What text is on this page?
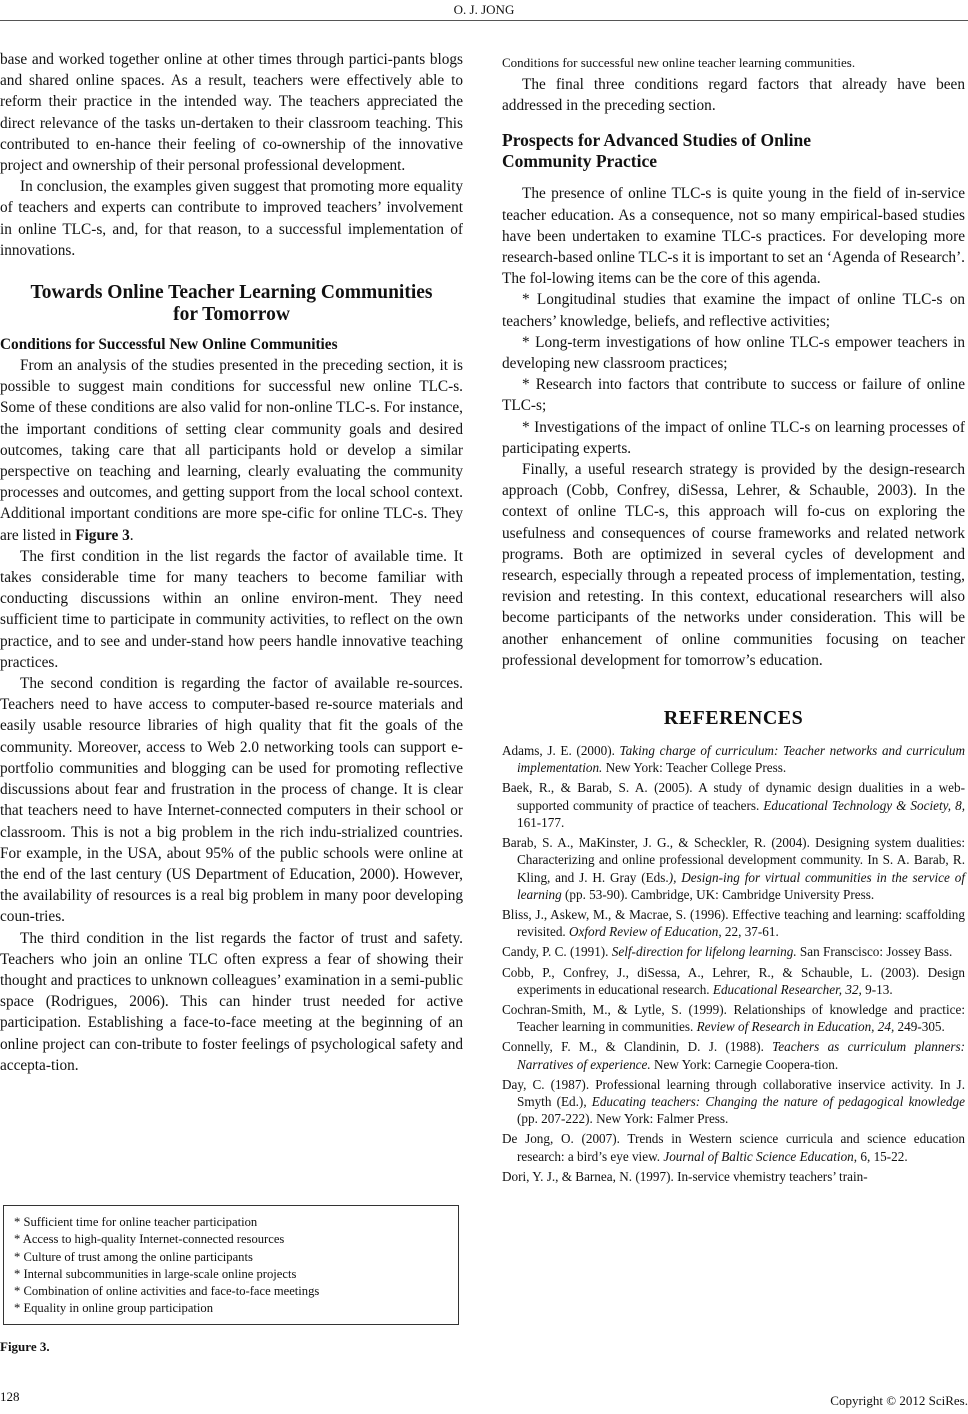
O. J. JONG

base and worked together online at other times through partici-pants blogs and shared online spaces. As a result, teachers were effectively able to reform their practice in the intended way. The teachers appreciated the direct relevance of the tasks un-dertaken to their classroom teaching. This contributed to en-hance their feeling of co-ownership of the innovative project and ownership of their personal professional development.

In conclusion, the examples given suggest that promoting more equality of teachers and experts can contribute to improved teachers’ involvement in online TLC-s, and, for that reason, to a successful implementation of innovations.

Towards Online Teacher Learning Communities
for Tomorrow
Conditions for Successful New Online Communities

From an analysis of the studies presented in the preceding section, it is possible to suggest main conditions for successful new online TLC-s. Some of these conditions are also valid for non-online TLC-s. For instance, the important conditions of setting clear community goals and desired outcomes, taking care that all participants hold or develop a similar perspective on teaching and learning, clearly evaluating the community processes and outcomes, and getting support from the local school context. Additional important conditions are more spe-cific for online TLC-s. They are listed in Figure 3.

The first condition in the list regards the factor of available time. It takes considerable time for many teachers to become familiar with conducting discussions within an online environ-ment. They need sufficient time to participate in community activities, to reflect on the own practice, and to see and under-stand how peers handle innovative teaching practices.

The second condition is regarding the factor of available re-sources. Teachers need to have access to computer-based re-source materials and easily usable resource libraries of high quality that fit the goals of the community. Moreover, access to Web 2.0 networking tools can support e-portfolio communities and blogging can be used for promoting reflective discussions about fear and frustration in the process of change. It is clear that teachers need to have Internet-connected computers in their school or classroom. This is not a big problem in the rich indu-strialized countries. For example, in the USA, about 95% of the public schools were online at the end of the last century (US Department of Education, 2000). However, the availability of resources is a real big problem in many poor developing coun-tries.

The third condition in the list regards the factor of trust and safety. Teachers who join an online TLC often express a fear of showing their thought and practices to unknown colleagues’ examination in a semi-public space (Rodrigues, 2006). This can hinder trust needed for active participation. Establishing a face-to-face meeting at the beginning of an online project can con-tribute to foster feelings of psychological safety and accepta-tion.

* Sufficient time for online teacher participation
* Access to high-quality Internet-connected resources
* Culture of trust among the online participants
* Internal subcommunities in large-scale online projects
* Combination of online activities and face-to-face meetings
* Equality in online group participation
Figure 3.

Conditions for successful new online teacher learning communities.

The final three conditions regard factors that already have been addressed in the preceding section.

Prospects for Advanced Studies of Online
Community Practice

The presence of online TLC-s is quite young in the field of in-service teacher education. As a consequence, not so many empirical-based studies have been undertaken to examine TLC-s practices. For developing more research-based online TLC-s it is important to set an ‘Agenda of Research’. The fol-lowing items can be the core of this agenda.

* Longitudinal studies that examine the impact of online TLC-s on teachers’ knowledge, beliefs, and reflective activities;

* Long-term investigations of how online TLC-s empower teachers in developing new classroom practices;

* Research into factors that contribute to success or failure of online TLC-s;

* Investigations of the impact of online TLC-s on learning processes of participating experts.

Finally, a useful research strategy is provided by the design-research approach (Cobb, Confrey, diSessa, Lehrer, & Schauble, 2003). In the context of online TLC-s, this approach will fo-cus on exploring the usefulness and consequences of course frameworks and related network programs. Both are optimized in several cycles of development and research, especially through a repeated process of implementation, testing, revision and retesting. In this context, educational researchers will also become participants of the networks under consideration. This will be another enhancement of online communities focusing on teacher professional development for tomorrow’s education.

REFERENCES

Adams, J. E. (2000). Taking charge of curriculum: Teacher networks and curriculum implementation. New York: Teacher College Press.

Baek, R., & Barab, S. A. (2005). A study of dynamic design dualities in a web-supported community of practice of teachers. Educational Technology & Society, 8, 161-177.

Barab, S. A., MaKinster, J. G., & Scheckler, R. (2004). Designing system dualities: Characterizing and online professional development community. In S. A. Barab, R. Kling, and J. H. Gray (Eds.), Design-ing for virtual communities in the service of learning (pp. 53-90). Cambridge, UK: Cambridge University Press.

Bliss, J., Askew, M., & Macrae, S. (1996). Effective teaching and learning: scaffolding revisited. Oxford Review of Education, 22, 37-61.

Candy, P. C. (1991). Self-direction for lifelong learning. San Franscisco: Jossey Bass.

Cobb, P., Confrey, J., diSessa, A., Lehrer, R., & Schauble, L. (2003). Design experiments in educational research. Educational Researcher, 32, 9-13.

Cochran-Smith, M., & Lytle, S. (1999). Relationships of knowledge and practice: Teacher learning in communities. Review of Research in Education, 24, 249-305.

Connelly, F. M., & Clandinin, D. J. (1988). Teachers as curriculum planners: Narratives of experience. New York: Carnegie Coopera-tion.

Day, C. (1987). Professional learning through collaborative inservice activity. In J. Smyth (Ed.), Educating teachers: Changing the nature of pedagogical knowledge (pp. 207-222). New York: Falmer Press.

De Jong, O. (2007). Trends in Western science curricula and science education research: a bird’s eye view. Journal of Baltic Science Education, 6, 15-22.

Dori, Y. J., & Barnea, N. (1997). In-service vhemistry teachers’ train-

128	Copyright © 2012 SciRes.
